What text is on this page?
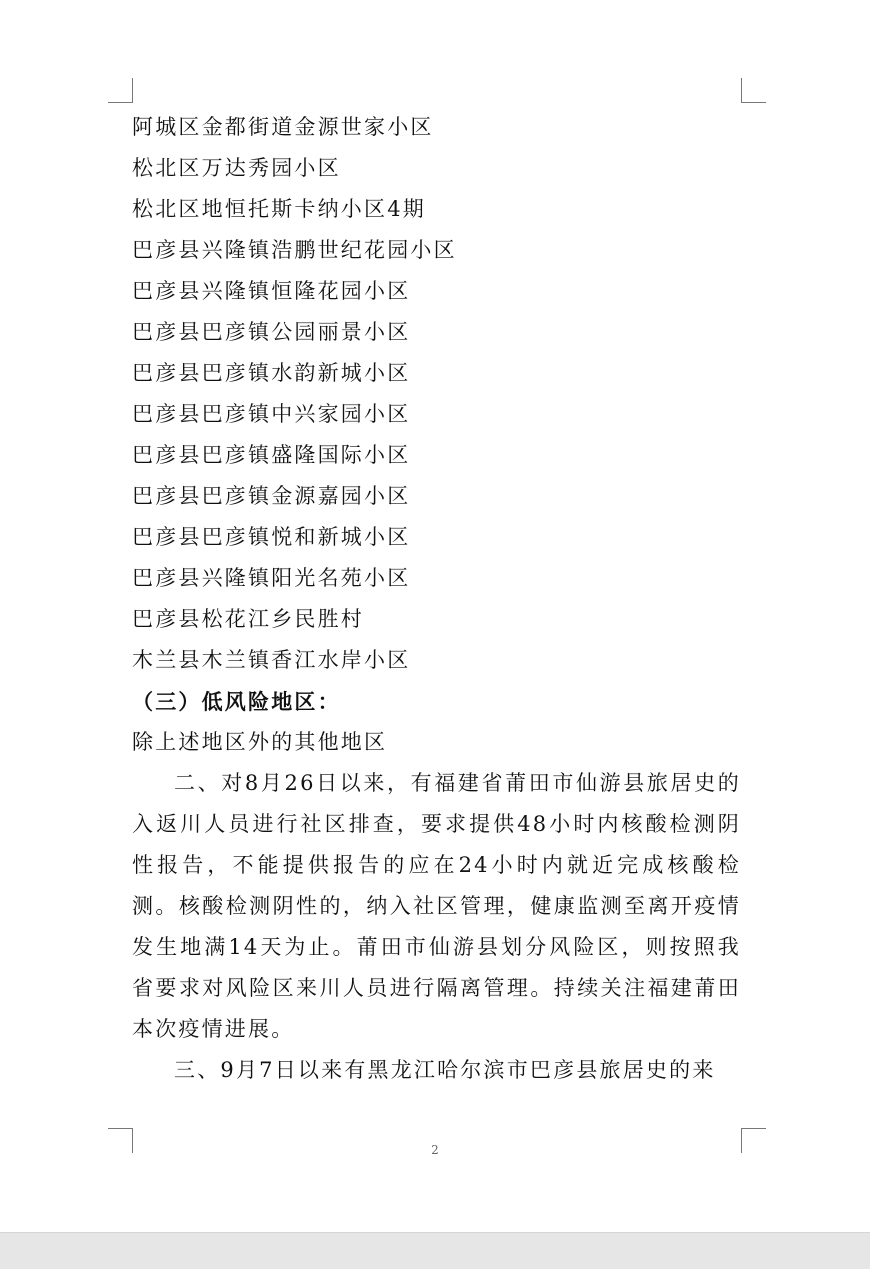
阿城区金都街道金源世家小区
松北区万达秀园小区
松北区地恒托斯卡纳小区4期
巴彦县兴隆镇浩鹏世纪花园小区
巴彦县兴隆镇恒隆花园小区
巴彦县巴彦镇公园丽景小区
巴彦县巴彦镇水韵新城小区
巴彦县巴彦镇中兴家园小区
巴彦县巴彦镇盛隆国际小区
巴彦县巴彦镇金源嘉园小区
巴彦县巴彦镇悦和新城小区
巴彦县兴隆镇阳光名苑小区
巴彦县松花江乡民胜村
木兰县木兰镇香江水岸小区
（三）低风险地区：
除上述地区外的其他地区

二、对8月26日以来，有福建省莆田市仙游县旅居史的入返川人员进行社区排查，要求提供48小时内核酸检测阴性报告，不能提供报告的应在24小时内就近完成核酸检测。核酸检测阴性的，纳入社区管理，健康监测至离开疫情发生地满14天为止。莆田市仙游县划分风险区，则按照我省要求对风险区来川人员进行隔离管理。持续关注福建莆田本次疫情进展。

三、9月7日以来有黑龙江哈尔滨市巴彦县旅居史的来

2
